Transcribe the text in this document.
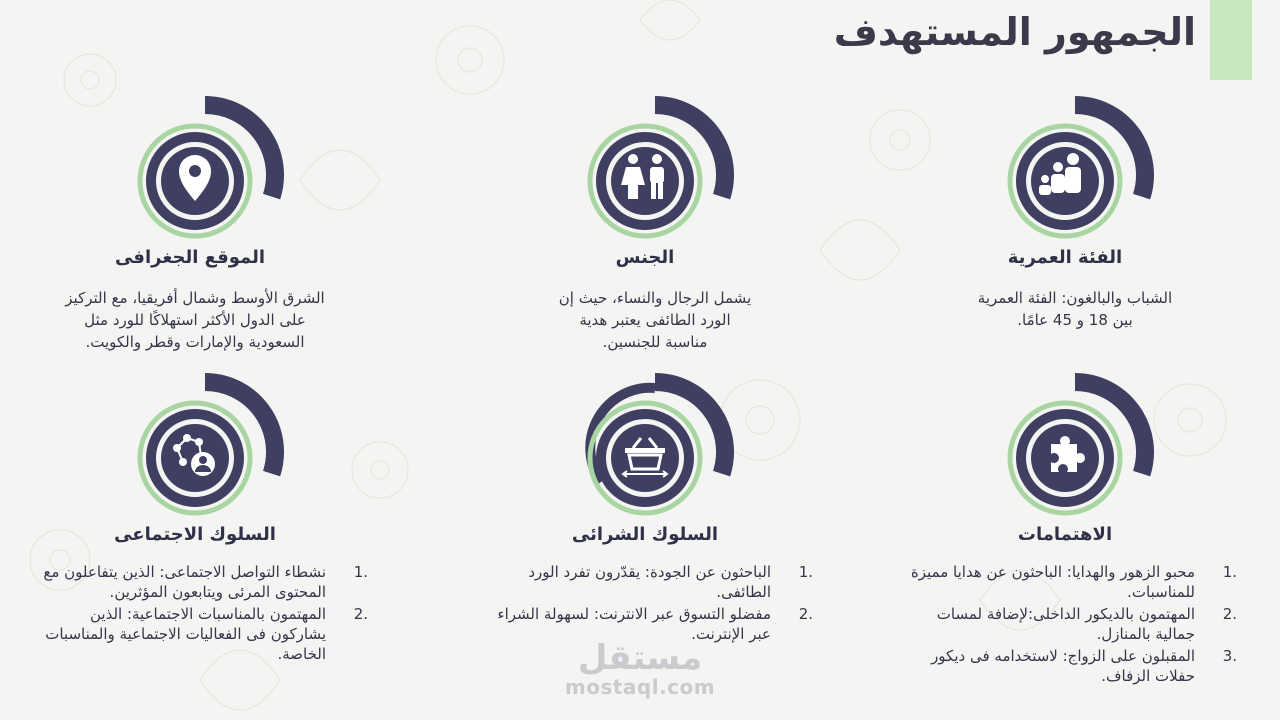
الجمهور المستهدف
الفئة العمرية
الشباب والبالغون: الفئة العمرية
بين 18 و 45 عامًا.
الجنس
يشمل الرجال والنساء، حيث إن
الورد الطائفى يعتبر هدية
مناسبة للجنسين.
الموقع الجغرافى
الشرق الأوسط وشمال أفريقيا، مع التركيز
على الدول الأكثر استهلاكًا للورد مثل
السعودية والإمارات وقطر والكويت.
الاهتمامات
1.
محبو الزهور والهدايا: الباحثون عن هدايا مميزة للمناسبات.
2.
المهتمون بالديكور الداخلى:لإضافة لمسات جمالية بالمنازل.
3.
المقبلون على الزواج: لاستخدامه فى ديكور حفلات الزفاف.
السلوك الشرائى
1.
الباحثون عن الجودة: يقدّرون تفرد الورد الطائفى.
2.
مفضلو التسوق عبر الانترنت: لسهولة الشراء عبر الإنترنت.
السلوك الاجتماعى
1.
نشطاء التواصل الاجتماعى: الذين يتفاعلون مع المحتوى المرئى ويتابعون المؤثرين.
2.
المهتمون بالمناسبات الاجتماعية: الذين يشاركون فى الفعاليات الاجتماعية والمناسبات الخاصة.	مستقل
mostaql.com
